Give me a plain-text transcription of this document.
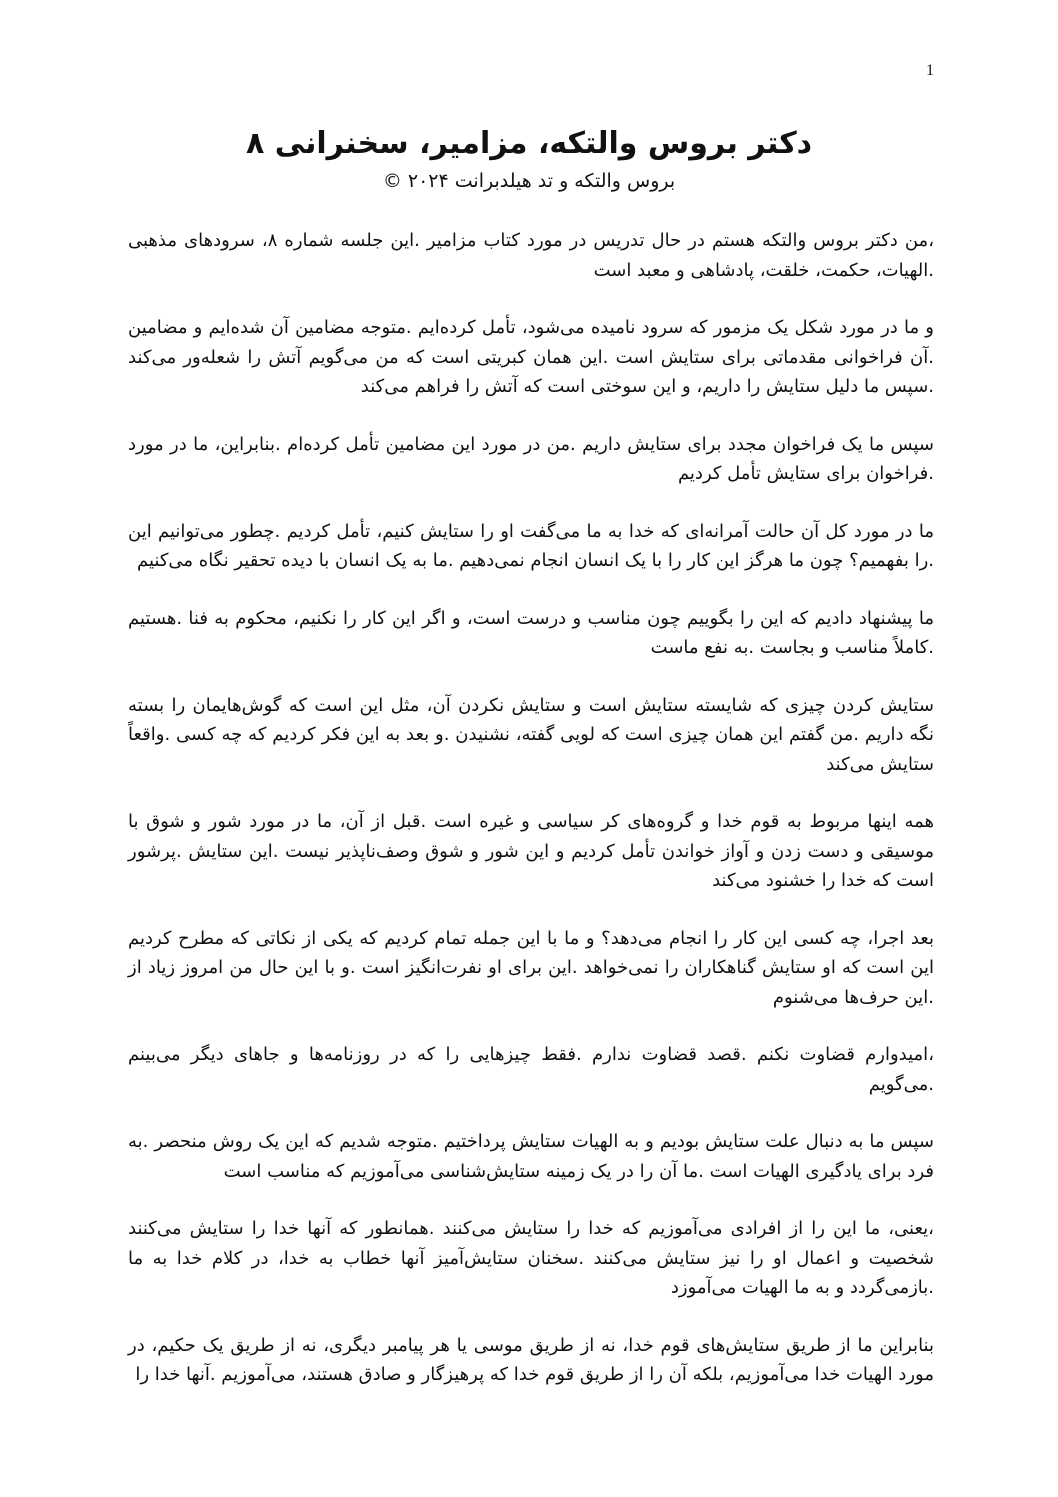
1
دکتر بروس والتکه، مزامیر، سخنرانی ۸

بروس والتکه و تد هیلدبرانت ۲۰۲۴ ©

،من دکتر بروس والتکه هستم در حال تدریس در مورد کتاب مزامیر .این جلسه شماره ۸، سرودهای مذهبی .الهیات، حکمت، خلقت، پادشاهی و معبد است

و ما در مورد شکل یک مزمور که سرود نامیده می‌شود، تأمل کرده‌ایم .متوجه مضامین آن شده‌ایم و مضامین .آن فراخوانی مقدماتی برای ستایش است .این همان کبریتی است که من می‌گویم آتش را شعله‌ور می‌کند .سپس ما دلیل ستایش را داریم، و این سوختی است که آتش را فراهم می‌کند

سپس ما یک فراخوان مجدد برای ستایش داریم .من در مورد این مضامین تأمل کرده‌ام .بنابراین، ما در مورد .فراخوان برای ستایش تأمل کردیم

ما در مورد کل آن حالت آمرانه‌ای که خدا به ما می‌گفت او را ستایش کنیم، تأمل کردیم .چطور می‌توانیم این .را بفهمیم؟ چون ما هرگز این کار را با یک انسان انجام نمی‌دهیم .ما به یک انسان با دیده تحقیر نگاه می‌کنیم

ما پیشنهاد دادیم که این را بگوییم چون مناسب و درست است، و اگر این کار را نکنیم، محکوم به فنا .هستیم .کاملاً مناسب و بجاست .به نفع ماست

ستایش کردن چیزی که شایسته ستایش است و ستایش نکردن آن، مثل این است که گوش‌هایمان را بسته نگه داریم .من گفتم این همان چیزی است که لویی گفته، نشنیدن .و بعد به این فکر کردیم که چه کسی .واقعاً ستایش می‌کند

همه اینها مربوط به قوم خدا و گروه‌های کر سیاسی و غیره است .قبل از آن، ما در مورد شور و شوق با موسیقی و دست زدن و آواز خواندن تأمل کردیم و این شور و شوق وصف‌ناپذیر نیست .این ستایش .پرشور است که خدا را خشنود می‌کند

بعد اجرا، چه کسی این کار را انجام می‌دهد؟ و ما با این جمله تمام کردیم که یکی از نکاتی که مطرح کردیم این است که او ستایش گناهکاران را نمی‌خواهد .این برای او نفرت‌انگیز است .و با این حال من امروز زیاد از .این حرف‌ها می‌شنوم

،امیدوارم قضاوت نکنم .قصد قضاوت ندارم .فقط چیزهایی را که در روزنامه‌ها و جاهای دیگر می‌بینم .می‌گویم

سپس ما به دنبال علت ستایش بودیم و به الهیات ستایش پرداختیم .متوجه شدیم که این یک روش منحصر .به فرد برای یادگیری الهیات است .ما آن را در یک زمینه ستایش‌شناسی می‌آموزیم که مناسب است

،یعنی، ما این را از افرادی می‌آموزیم که خدا را ستایش می‌کنند .همانطور که آنها خدا را ستایش می‌کنند شخصیت و اعمال او را نیز ستایش می‌کنند .سخنان ستایش‌آمیز آنها خطاب به خدا، در کلام خدا به ما .بازمی‌گردد و به ما الهیات می‌آموزد

بنابراین ما از طریق ستایش‌های قوم خدا، نه از طریق موسی یا هر پیامبر دیگری، نه از طریق یک حکیم، در مورد الهیات خدا می‌آموزیم، بلکه آن را از طریق قوم خدا که پرهیزگار و صادق هستند، می‌آموزیم .آنها خدا را
